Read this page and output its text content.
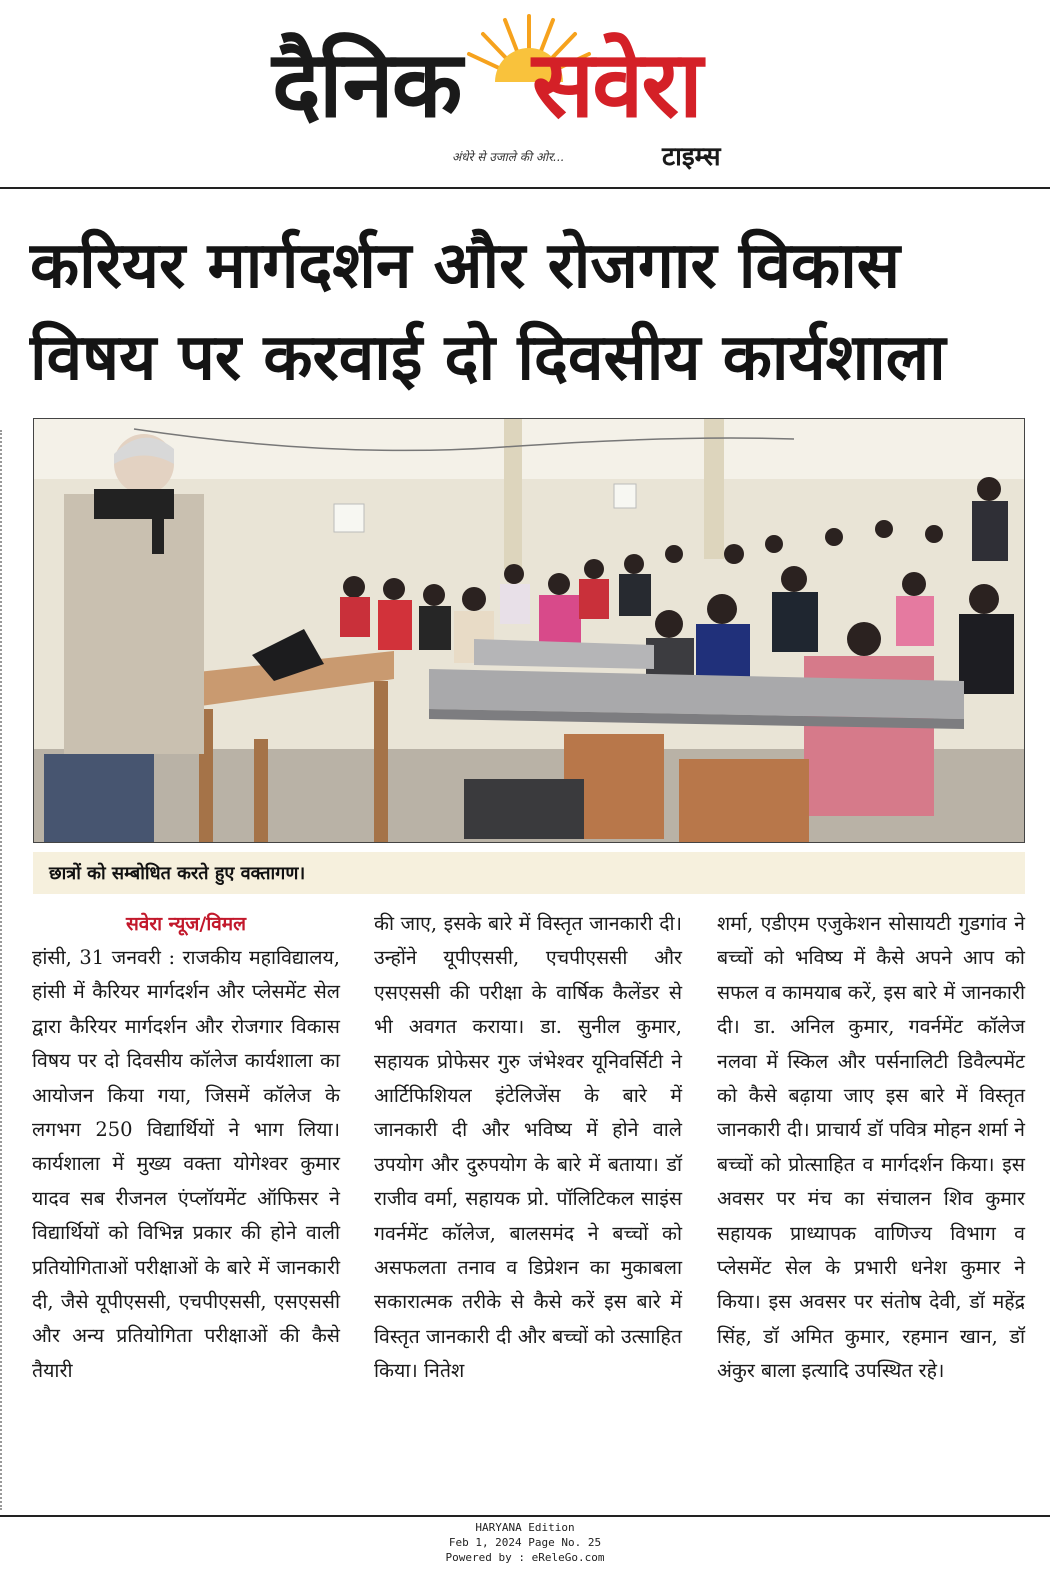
दैनिक सवेरा
अंधेरे से उजाले की ओर...	टाइम्स
करियर मार्गदर्शन और रोजगार विकास विषय पर करवाई दो दिवसीय कार्यशाला
छात्रों को सम्बोधित करते हुए वक्तागण।
सवेरा न्यूज/विमल
हांसी, 31 जनवरी : राजकीय महाविद्यालय, हांसी में कैरियर मार्गदर्शन और प्लेसमेंट सेल द्वारा कैरियर मार्गदर्शन और रोजगार विकास विषय पर दो दिवसीय कॉलेज कार्यशाला का आयोजन किया गया, जिसमें कॉलेज के लगभग 250 विद्यार्थियों ने भाग लिया। कार्यशाला में मुख्य वक्ता योगेश्वर कुमार यादव सब रीजनल एंप्लॉयमेंट ऑफिसर ने विद्यार्थियों को विभिन्न प्रकार की होने वाली प्रतियोगिताओं परीक्षाओं के बारे में जानकारी दी, जैसे यूपीएससी, एचपीएससी, एसएससी और अन्य प्रतियोगिता परीक्षाओं की कैसे तैयारी
की जाए, इसके बारे में विस्तृत जानकारी दी। उन्होंने यूपीएससी, एचपीएससी और एसएससी की परीक्षा के वार्षिक कैलेंडर से भी अवगत कराया। डा. सुनील कुमार, सहायक प्रोफेसर गुरु जंभेश्वर यूनिवर्सिटी ने आर्टिफिशियल इंटेलिजेंस के बारे में जानकारी दी और भविष्य में होने वाले उपयोग और दुरुपयोग के बारे में बताया। डॉ राजीव वर्मा, सहायक प्रो. पॉलिटिकल साइंस गवर्नमेंट कॉलेज, बालसमंद ने बच्चों को असफलता तनाव व डिप्रेशन का मुकाबला सकारात्मक तरीके से कैसे करें इस बारे में विस्तृत जानकारी दी और बच्चों को उत्साहित किया। नितेश
शर्मा, एडीएम एजुकेशन सोसायटी गुडगांव ने बच्चों को भविष्य में कैसे अपने आप को सफल व कामयाब करें, इस बारे में जानकारी दी। डा. अनिल कुमार, गवर्नमेंट कॉलेज नलवा में स्किल और पर्सनालिटी डिवैल्पमेंट को कैसे बढ़ाया जाए इस बारे में विस्तृत जानकारी दी। प्राचार्य डॉ पवित्र मोहन शर्मा ने बच्चों को प्रोत्साहित व मार्गदर्शन किया। इस अवसर पर मंच का संचालन शिव कुमार सहायक प्राध्यापक वाणिज्य विभाग व प्लेसमेंट सेल के प्रभारी धनेश कुमार ने किया। इस अवसर पर संतोष देवी, डॉ महेंद्र सिंह, डॉ अमित कुमार, रहमान खान, डॉ अंकुर बाला इत्यादि उपस्थित रहे।
HARYANA Edition
Feb 1, 2024 Page No. 25
Powered by : eReleGo.com
